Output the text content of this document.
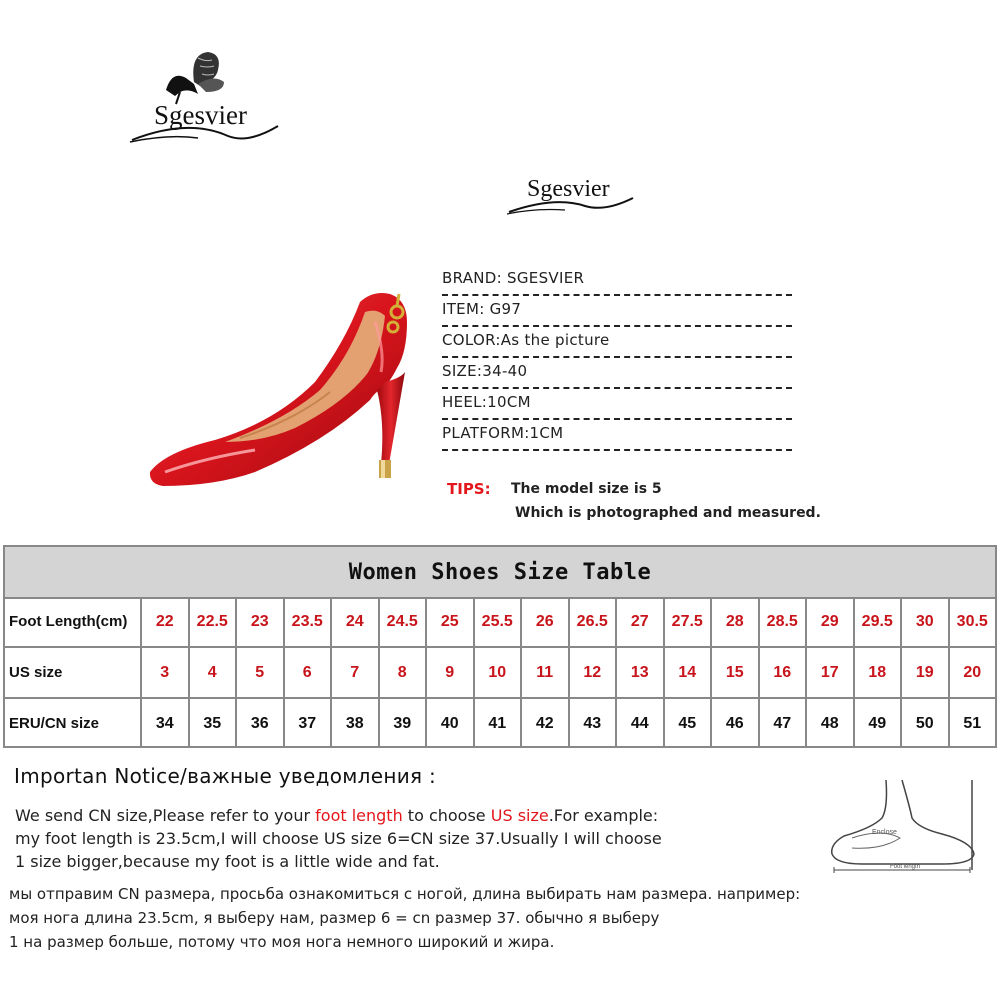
Sgesvier
Sgesvier
BRAND: SGESVIER
ITEM: G97
COLOR:As the picture
SIZE:34-40
HEEL:10CM
PLATFORM:1CM
TIPS: The model size is 5
Which is photographed and measured.
Women Shoes Size Table
Foot Length(cm)	22	22.5	23	23.5	24	24.5	25	25.5	26	26.5	27	27.5	28	28.5	29	29.5	30	30.5
US size	3	4	5	6	7	8	9	10	11	12	13	14	15	16	17	18	19	20
ERU/CN size	34	35	36	37	38	39	40	41	42	43	44	45	46	47	48	49	50	51
Importan Notice/важные уведомления :
We send CN size,Please refer to your foot length to choose US size.For example:
my foot length is 23.5cm,I will choose US size 6=CN size 37.Usually I will choose
1 size bigger,because my foot is a little wide and fat.
мы отправим CN размера, просьба ознакомиться с ногой, длина выбирать нам размера. например:
моя нога длина 23.5cm, я выберу нам, размер 6 = cn размер 37. обычно я выберу
1 на размер больше, потому что моя нога немного широкий и жира.
Enclose
Foot length
